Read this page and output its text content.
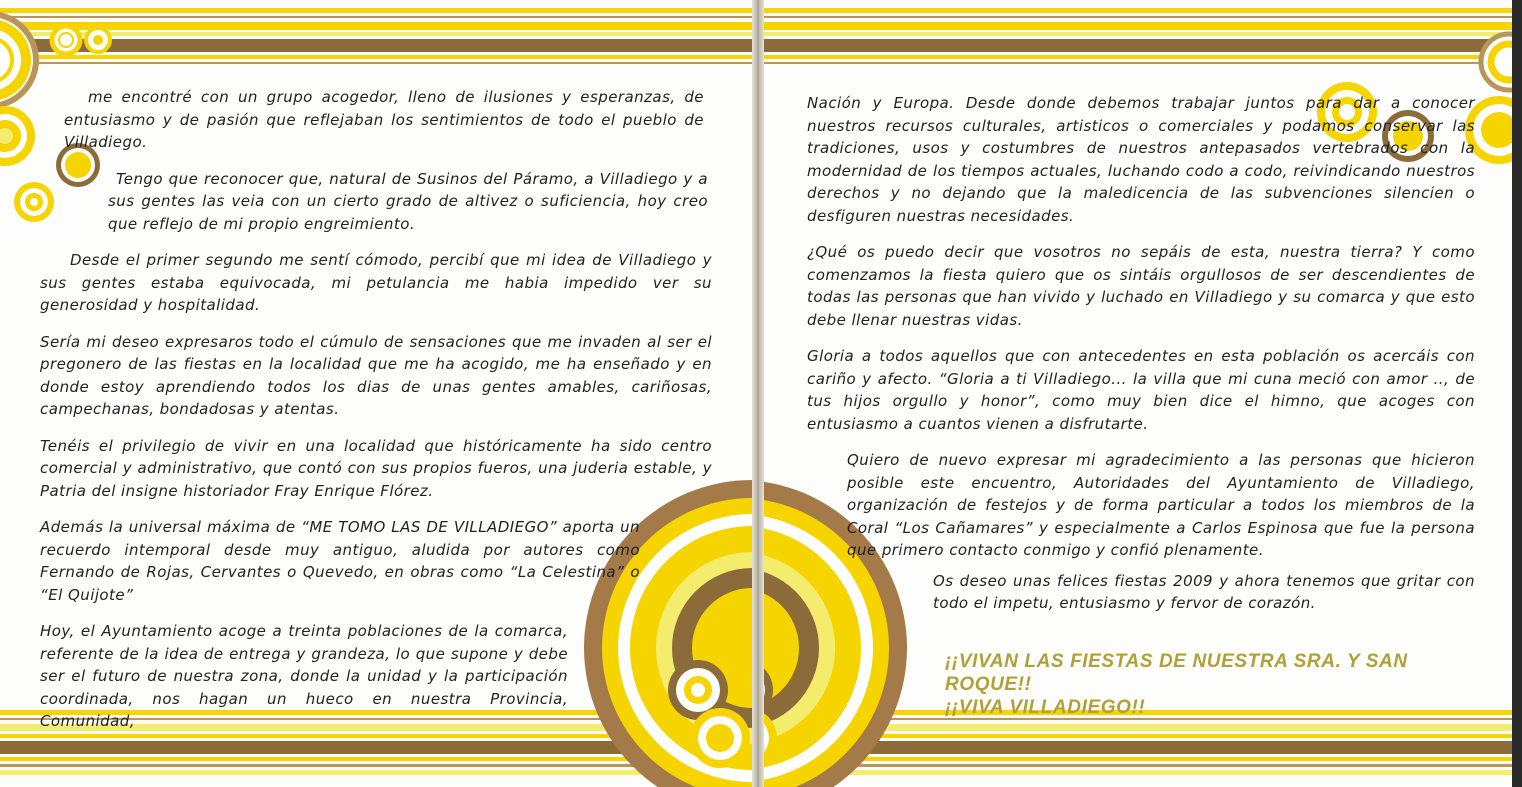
me encontré con un grupo acogedor, lleno de ilusiones y esperanzas, de entusiasmo y de pasión que reflejaban los sentimientos de todo el pueblo de Villadiego.

Tengo que reconocer que, natural de Susinos del Páramo, a Villadiego y a sus gentes las veia con un cierto grado de altivez o suficiencia, hoy creo que reflejo de mi propio engreimiento.

Desde el primer segundo me sentí cómodo, percibí que mi idea de Villadiego y sus gentes estaba equivocada, mi petulancia me habia impedido ver su generosidad y hospitalidad.

Sería mi deseo expresaros todo el cúmulo de sensaciones que me invaden al ser el pregonero de las fiestas en la localidad que me ha acogido, me ha enseñado y en donde estoy aprendiendo todos los dias de unas gentes amables, cariñosas, campechanas, bondadosas y atentas.

Tenéis el privilegio de vivir en una localidad que históricamente ha sido centro comercial y administrativo, que contó con sus propios fueros, una juderia estable, y Patria del insigne historiador Fray Enrique Flórez.

Además la universal máxima de “ME TOMO LAS DE VILLADIEGO” aporta un recuerdo intemporal desde muy antiguo, aludida por autores como Fernando de Rojas, Cervantes o Quevedo, en obras como “La Celestina” o “El Quijote”

Hoy, el Ayuntamiento acoge a treinta poblaciones de la comarca, referente de la idea de entrega y grandeza, lo que supone y debe ser el futuro de nuestra zona, donde la unidad y la participación coordinada, nos hagan un hueco en nuestra Provincia, Comunidad,

Nación y Europa. Desde donde debemos trabajar juntos para dar a conocer nuestros recursos culturales, artisticos o comerciales y podamos conservar las tradiciones, usos y costumbres de nuestros antepasados vertebrados con la modernidad de los tiempos actuales, luchando codo a codo, reivindicando nuestros derechos y no dejando que la maledicencia de las subvenciones silencien o desfiguren nuestras necesidades.

¿Qué os puedo decir que vosotros no sepáis de esta, nuestra tierra? Y como comenzamos la fiesta quiero que os sintáis orgullosos de ser descendientes de todas las personas que han vivido y luchado en Villadiego y su comarca y que esto debe llenar nuestras vidas.

Gloria a todos aquellos que con antecedentes en esta población os acercáis con cariño y afecto. “Gloria a ti Villadiego... la villa que mi cuna meció con amor .., de tus hijos orgullo y honor”, como muy bien dice el himno, que acoges con entusiasmo a cuantos vienen a disfrutarte.

Quiero de nuevo expresar mi agradecimiento a las personas que hicieron posible este encuentro, Autoridades del Ayuntamiento de Villadiego, organización de festejos y de forma particular a todos los miembros de la Coral “Los Cañamares” y especialmente a Carlos Espinosa que fue la persona que primero contacto conmigo y confió plenamente.

Os deseo unas felices fiestas 2009 y ahora tenemos que gritar con todo el impetu, entusiasmo y fervor de corazón.

¡¡VIVAN LAS FIESTAS DE NUESTRA SRA. Y SAN ROQUE!!
¡¡VIVA VILLADIEGO!!
